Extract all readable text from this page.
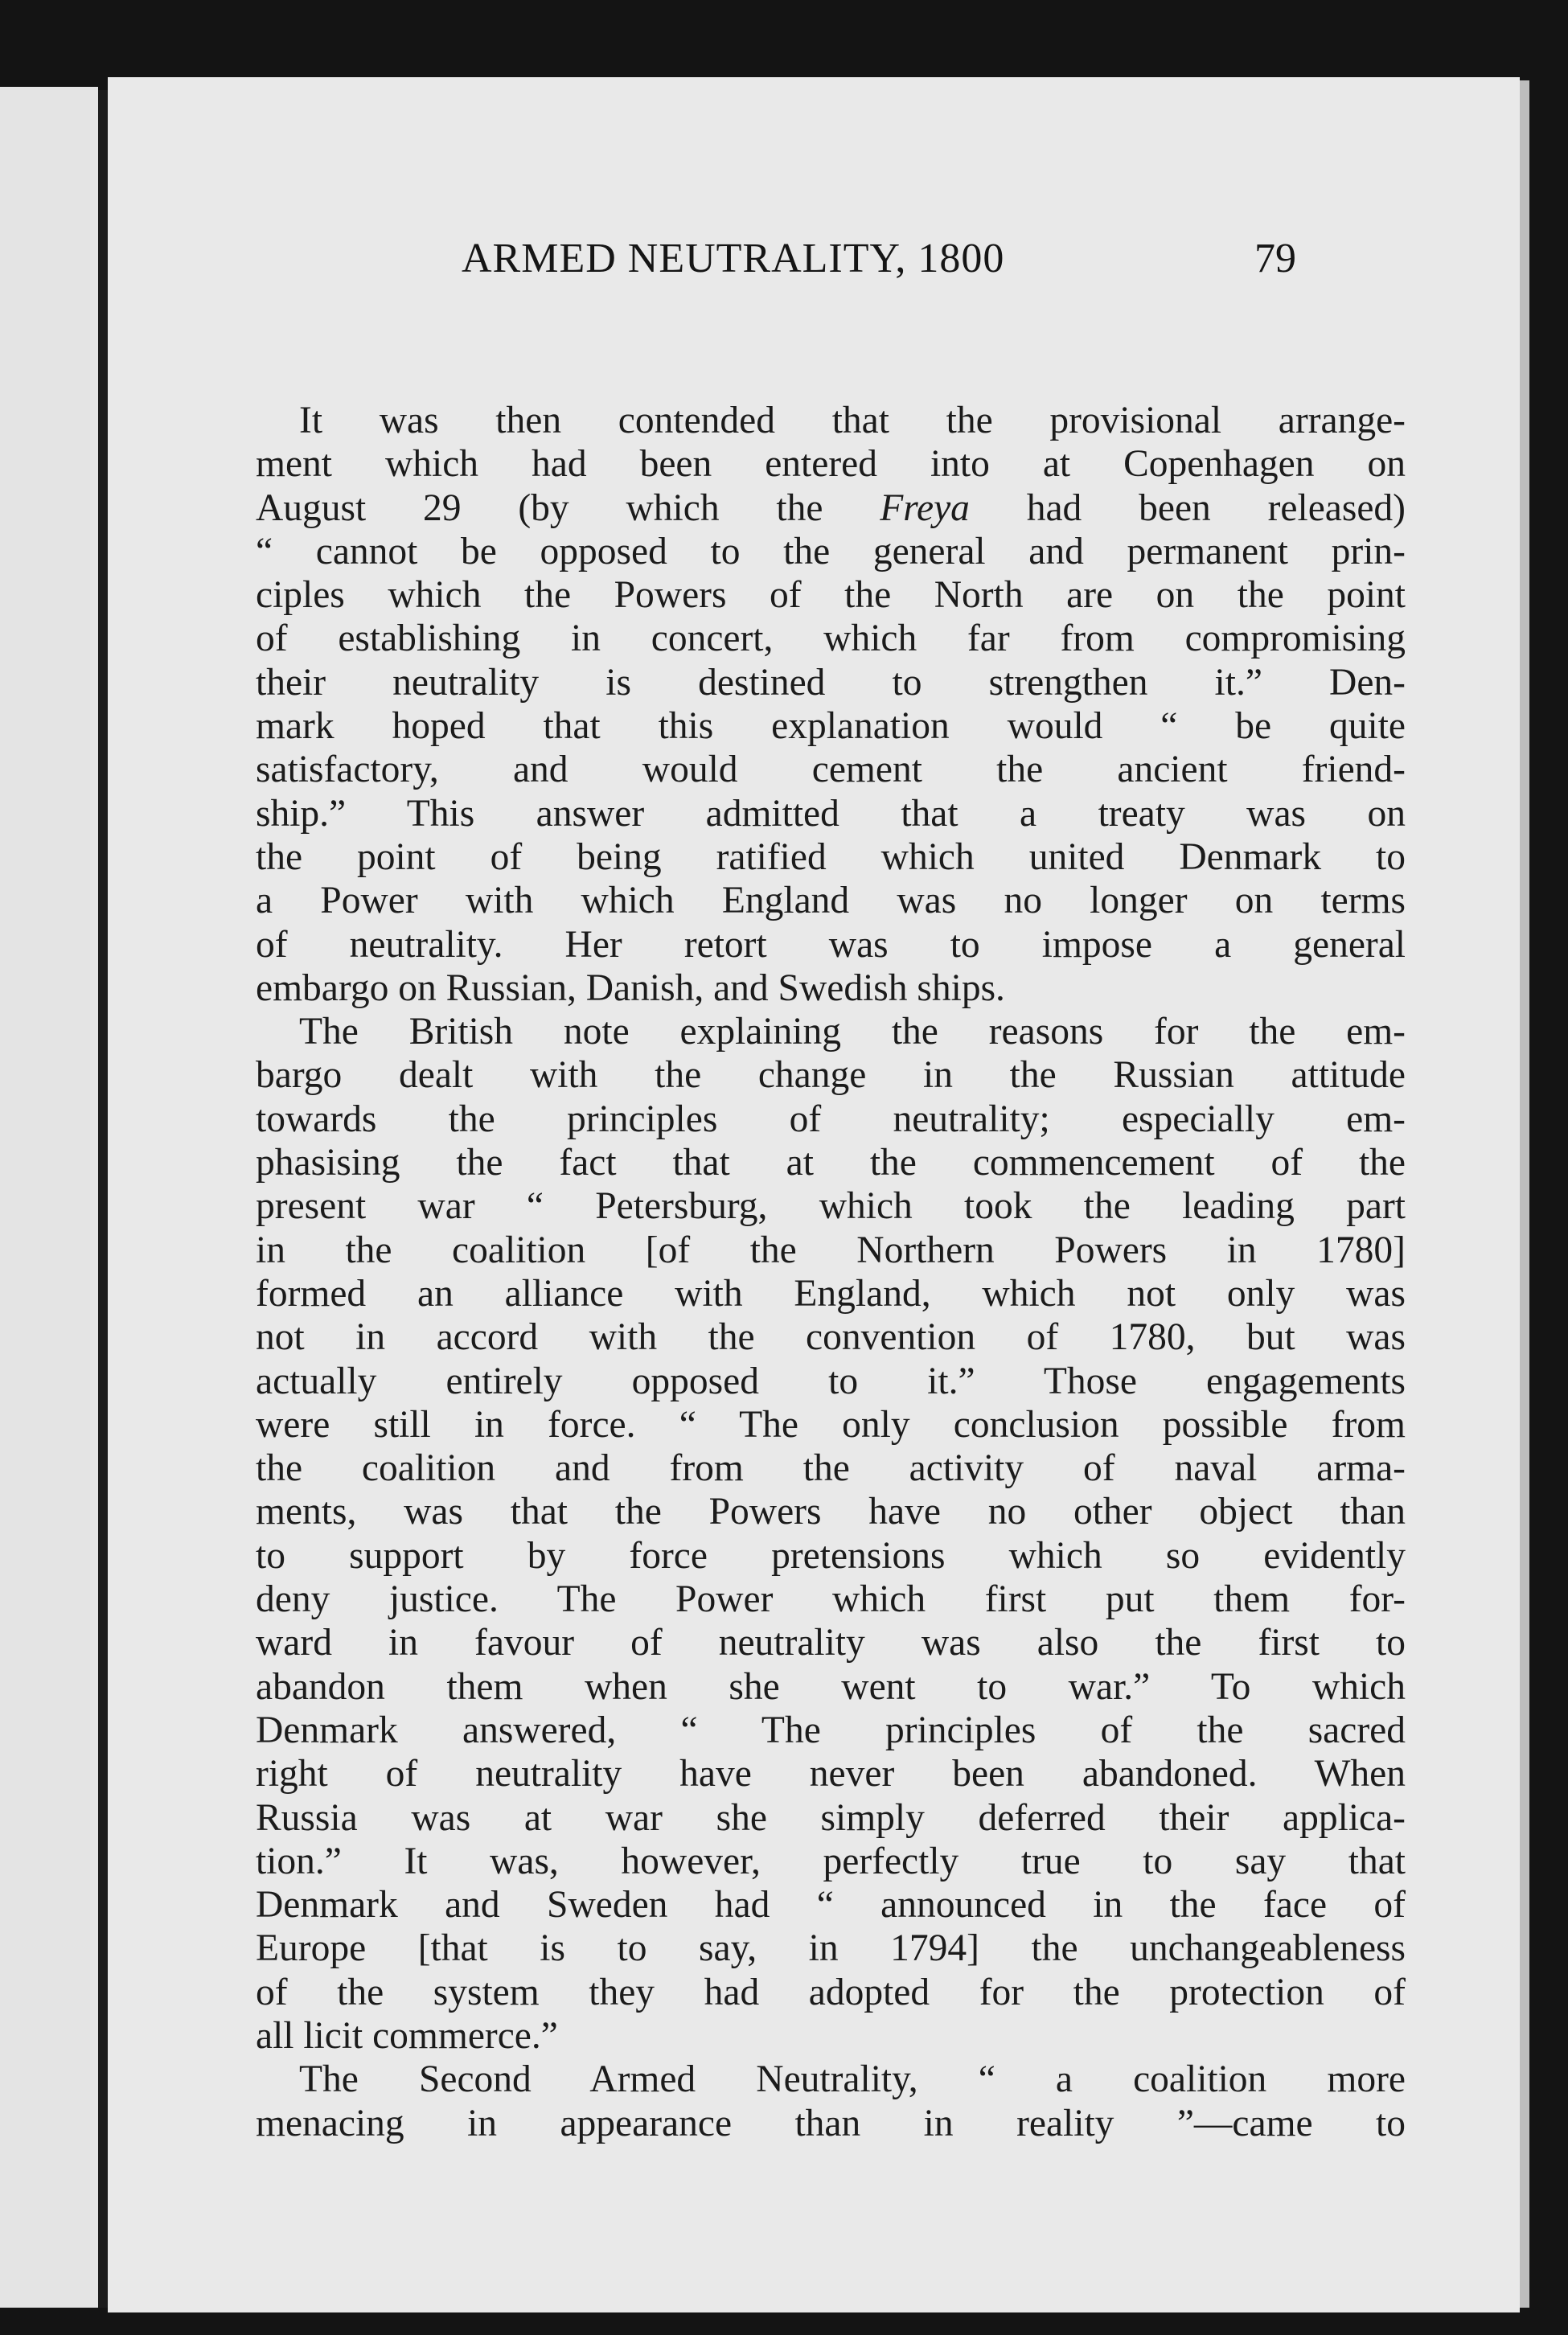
ARMED NEUTRALITY, 1800	79
It was then contended that the provisional arrange-
ment which had been entered into at Copenhagen on
August 29 (by which the Freya had been released)
“ cannot be opposed to the general and permanent prin-
ciples which the Powers of the North are on the point
of establishing in concert, which far from compromising
their neutrality is destined to strengthen it.” Den-
mark hoped that this explanation would “ be quite
satisfactory, and would cement the ancient friend-
ship.” This answer admitted that a treaty was on
the point of being ratified which united Denmark to
a Power with which England was no longer on terms
of neutrality. Her retort was to impose a general
embargo on Russian, Danish, and Swedish ships.
The British note explaining the reasons for the em-
bargo dealt with the change in the Russian attitude
towards the principles of neutrality; especially em-
phasising the fact that at the commencement of the
present war “ Petersburg, which took the leading part
in the coalition [of the Northern Powers in 1780]
formed an alliance with England, which not only was
not in accord with the convention of 1780, but was
actually entirely opposed to it.” Those engagements
were still in force. “ The only conclusion possible from
the coalition and from the activity of naval arma-
ments, was that the Powers have no other object than
to support by force pretensions which so evidently
deny justice. The Power which first put them for-
ward in favour of neutrality was also the first to
abandon them when she went to war.” To which
Denmark answered, “ The principles of the sacred
right of neutrality have never been abandoned. When
Russia was at war she simply deferred their applica-
tion.” It was, however, perfectly true to say that
Denmark and Sweden had “ announced in the face of
Europe [that is to say, in 1794] the unchangeableness
of the system they had adopted for the protection of
all licit commerce.”
The Second Armed Neutrality, “ a coalition more
menacing in appearance than in reality ”—came to
